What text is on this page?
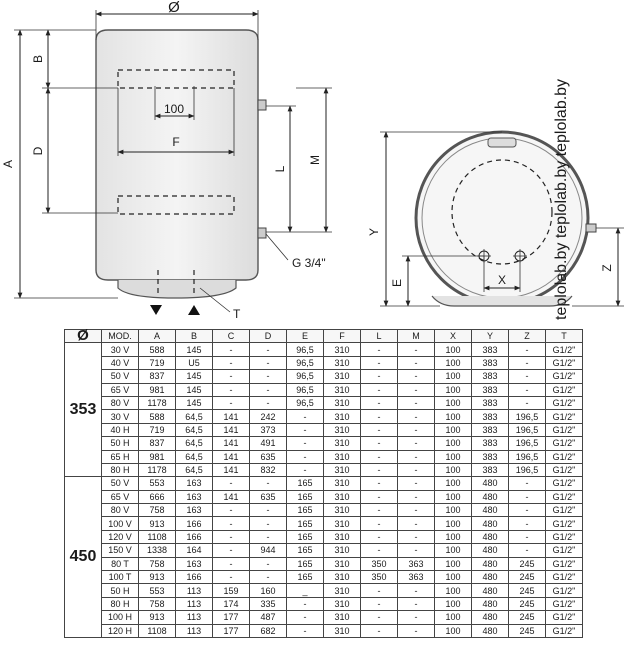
Ø
A
B
D
100
F
L
M
G 3/4"
T
X
Y
E
Z
teplolab.by teplolab.by teplolab.by
Ø	MOD.	A	B	C	D	E	F	L	M	X	Y	Z	T
353	30 V	588	145	-	-	96,5	310	-	-	100	383	-	G1/2"
	40 V	719	U5	-	-	96,5	310	-	-	100	383	-	G1/2"
	50 V	837	145	-	-	96,5	310	-	-	100	383	-	G1/2"
	65 V	981	145	-	-	96,5	310	-	-	100	383	-	G1/2"
	80 V	1178	145	-	-	96,5	310	-	-	100	383	-	G1/2"
	30 V	588	64,5	141	242	-	310	-	-	100	383	196,5	G1/2"
	40 H	719	64,5	141	373	-	310	-	-	100	383	196,5	G1/2"
	50 H	837	64,5	141	491	-	310	-	-	100	383	196,5	G1/2"
	65 H	981	64,5	141	635	-	310	-	-	100	383	196,5	G1/2"
	80 H	1178	64,5	141	832	-	310	-	-	100	383	196,5	G1/2"
450	50 V	553	163	-	-	165	310	-	-	100	480	-	G1/2"
	65 V	666	163	141	635	165	310	-	-	100	480	-	G1/2"
	80 V	758	163	-	-	165	310	-	-	100	480	-	G1/2"
	100 V	913	166	-	-	165	310	-	-	100	480	-	G1/2"
	120 V	1108	166	-	-	165	310	-	-	100	480	-	G1/2"
	150 V	1338	164	-	944	165	310	-	-	100	480	-	G1/2"
	80 T	758	163	-	-	165	310	350	363	100	480	245	G1/2"
	100 T	913	166	-	-	165	310	350	363	100	480	245	G1/2"
	50 H	553	113	159	160	_	310	-	-	100	480	245	G1/2"
	80 H	758	113	174	335	-	310	-	-	100	480	245	G1/2"
	100 H	913	113	177	487	-	310	-	-	100	480	245	G1/2"
	120 H	1108	113	177	682	-	310	-	-	100	480	245	G1/2"
